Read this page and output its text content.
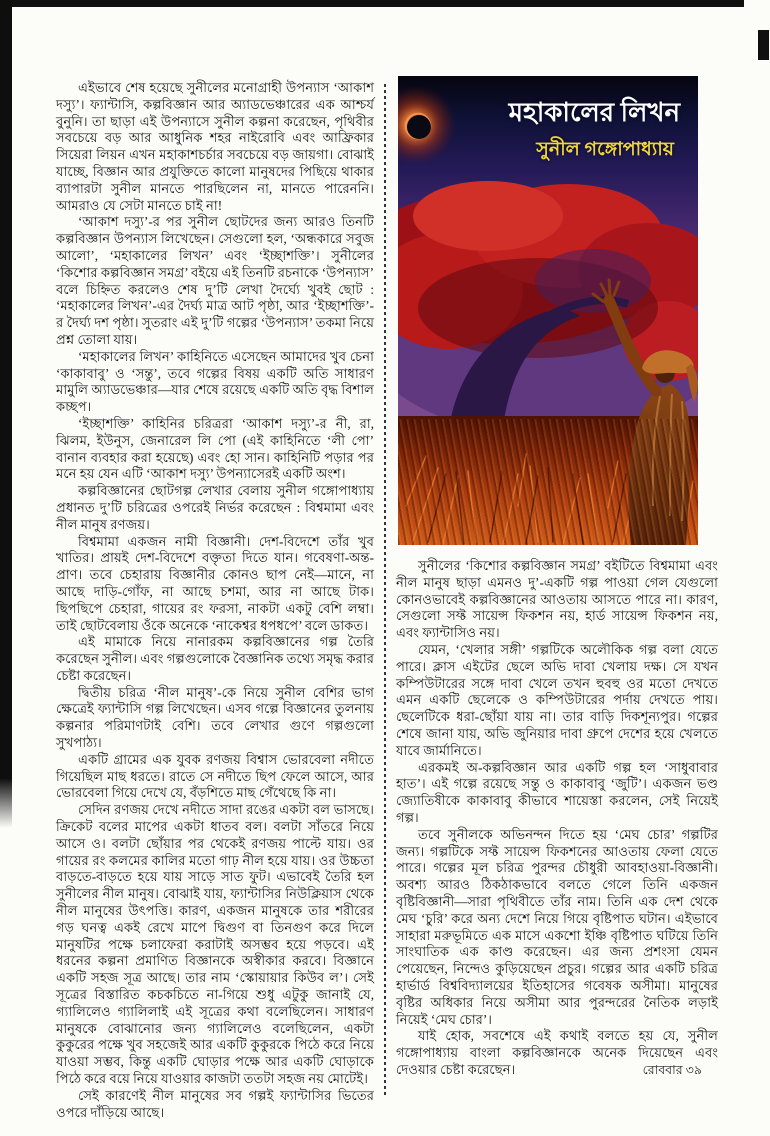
এইভাবে শেষ হয়েছে সুনীলের মনোগ্রাহী উপন্যাস ‘আকাশ দস্যু’। ফ্যান্টাসি, কল্পবিজ্ঞান আর অ্যাডভেঞ্চারের এক আশ্চর্য বুনুনি। তা ছাড়া এই উপন্যাসে সুনীল কল্পনা করেছেন, পৃথিবীর সবচেয়ে বড় আর আধুনিক শহর নাইরোবি এবং আফ্রিকার সিয়েরা লিয়ন এখন মহাকাশচর্চার সবচেয়ে বড় জায়গা। বোঝাই যাচ্ছে, বিজ্ঞান আর প্রযুক্তিতে কালো মানুষদের পিছিয়ে থাকার ব্যাপারটা সুনীল মানতে পারছিলেন না, মানতে পারেননি। আমরাও যে সেটা মানতে চাই না!

‘আকাশ দস্যু’-র পর সুনীল ছোটদের জন্য আরও তিনটি কল্পবিজ্ঞান উপন্যাস লিখেছেন। সেগুলো হল, ‘অন্ধকারে সবুজ আলো’, ‘মহাকালের লিখন’ এবং ‘ইচ্ছাশক্তি’। সুনীলের ‘কিশোর কল্পবিজ্ঞান সমগ্র’ বইয়ে এই তিনটি রচনাকে ‘উপন্যাস’ বলে চিহ্নিত করলেও শেষ দু’টি লেখা দৈর্ঘ্যে খুবই ছোট : ‘মহাকালের লিখন’-এর দৈর্ঘ্য মাত্র আট পৃষ্ঠা, আর ‘ইচ্ছাশক্তি’-র দৈর্ঘ্য দশ পৃষ্ঠা। সুতরাং এই দু’টি গল্পের ‘উপন্যাস’ তকমা নিয়ে প্রশ্ন তোলা যায়।

‘মহাকালের লিখন’ কাহিনিতে এসেছেন আমাদের খুব চেনা ‘কাকাবাবু’ ও ‘সন্তু’, তবে গল্পের বিষয় একটি অতি সাধারণ মামুলি অ্যাডভেঞ্চার—যার শেষে রয়েছে একটি অতি বৃদ্ধ বিশাল কচ্ছপ।

‘ইচ্ছাশক্তি’ কাহিনির চরিত্ররা ‘আকাশ দস্যু’-র নী, রা, ঝিলম, ইউনুস, জেনারেল লি পো (এই কাহিনিতে ‘লী পো’ বানান ব্যবহার করা হয়েছে) এবং হো সান। কাহিনিটি পড়ার পর মনে হয় যেন এটি ‘আকাশ দস্যু’ উপন্যাসেরই একটি অংশ।

কল্পবিজ্ঞানের ছোটগল্প লেখার বেলায় সুনীল গঙ্গোপাধ্যায় প্রধানত দু’টি চরিত্রের ওপরেই নির্ভর করেছেন : বিশ্বমামা এবং নীল মানুষ রণজয়।

বিশ্বমামা একজন নামী বিজ্ঞানী। দেশ-বিদেশে তাঁর খুব খাতির। প্রায়ই দেশ-বিদেশে বক্তৃতা দিতে যান। গবেষণা-অন্ত-প্রাণ। তবে চেহারায় বিজ্ঞানীর কোনও ছাপ নেই—মানে, না আছে দাড়ি-গোঁফ, না আছে চশমা, আর না আছে টাক। ছিপছিপে চেহারা, গায়ের রং ফরসা, নাকটা একটু বেশি লম্বা। তাই ছোটবেলায় ওঁকে অনেকে ‘নাকেশ্বর ধপধপে’ বলে ডাকত।

এই মামাকে নিয়ে নানারকম কল্পবিজ্ঞানের গল্প তৈরি করেছেন সুনীল। এবং গল্পগুলোকে বৈজ্ঞানিক তথ্যে সমৃদ্ধ করার চেষ্টা করেছেন।

দ্বিতীয় চরিত্র ‘নীল মানুষ’-কে নিয়ে সুনীল বেশির ভাগ ক্ষেত্রেই ফ্যান্টাসি গল্প লিখেছেন। এসব গল্পে বিজ্ঞানের তুলনায় কল্পনার পরিমাণটাই বেশি। তবে লেখার গুণে গল্পগুলো সুখপাঠ্য।

একটি গ্রামের এক যুবক রণজয় বিশ্বাস ভোরবেলা নদীতে গিয়েছিল মাছ ধরতে। রাতে সে নদীতে ছিপ ফেলে আসে, আর ভোরবেলা গিয়ে দেখে যে, বঁড়শিতে মাছ গেঁথেছে কি না।

সেদিন রণজয় দেখে নদীতে সাদা রঙের একটা বল ভাসছে। ক্রিকেট বলের মাপের একটা ধাতব বল। বলটা সাঁতরে নিয়ে আসে ও। বলটা ছোঁয়ার পর থেকেই রণজয় পাল্টে যায়। ওর গায়ের রং কলমের কালির মতো গাঢ় নীল হয়ে যায়। ওর উচ্চতা বাড়তে-বাড়তে হয়ে যায় সাড়ে সাত ফুট। এভাবেই তৈরি হল সুনীলের নীল মানুষ। বোঝাই যায়, ফ্যান্টাসির নিউক্লিয়াস থেকে নীল মানুষের উৎপত্তি। কারণ, একজন মানুষকে তার শরীরের গড় ঘনত্ব একই রেখে মাপে দ্বিগুণ বা তিনগুণ করে দিলে মানুষটির পক্ষে চলাফেরা করাটাই অসম্ভব হয়ে পড়বে। এই ধরনের কল্পনা প্রমাণিত বিজ্ঞানকে অস্বীকার করবে। বিজ্ঞানে একটি সহজ সূত্র আছে। তার নাম ‘স্কোয়ায়ার কিউব ল’। সেই সূত্রের বিস্তারিত কচকচিতে না-গিয়ে শুধু এটুকু জানাই যে, গ্যালিলেও গ্যালিলাই এই সূত্রের কথা বলেছিলেন। সাধারণ মানুষকে বোঝানোর জন্য গ্যালিলেও বলেছিলেন, একটা কুকুরের পক্ষে খুব সহজেই আর একটি কুকুরকে পিঠে করে নিয়ে যাওয়া সম্ভব, কিন্তু একটি ঘোড়ার পক্ষে আর একটি ঘোড়াকে পিঠে করে বয়ে নিয়ে যাওয়ার কাজটা ততটা সহজ নয় মোটেই।

সেই কারণেই নীল মানুষের সব গল্পই ফ্যান্টাসির ভিতের ওপরে দাঁড়িয়ে আছে।

মহাকালের লিখন
সুনীল গঙ্গোপাধ্যায়

সুনীলের ‘কিশোর কল্পবিজ্ঞান সমগ্র’ বইটিতে বিশ্বমামা এবং নীল মানুষ ছাড়া এমনও দু’-একটি গল্প পাওয়া গেল যেগুলো কোনওভাবেই কল্পবিজ্ঞানের আওতায় আসতে পারে না। কারণ, সেগুলো সফ্ট সায়েন্স ফিকশন নয়, হার্ড সায়েন্স ফিকশন নয়, এবং ফ্যান্টাসিও নয়।

যেমন, ‘খেলার সঙ্গী’ গল্পটিকে অলৌকিক গল্প বলা যেতে পারে। ক্লাস এইটের ছেলে অভি দাবা খেলায় দক্ষ। সে যখন কম্পিউটারের সঙ্গে দাবা খেলে তখন হুবহু ওর মতো দেখতে এমন একটি ছেলেকে ও কম্পিউটারের পর্দায় দেখতে পায়। ছেলেটিকে ধরা-ছোঁয়া যায় না। তার বাড়ি দিকশূন্যপুর। গল্পের শেষে জানা যায়, অভি জুনিয়ার দাবা গ্রুপে দেশের হয়ে খেলতে যাবে জার্মানিতে।

এরকমই অ-কল্পবিজ্ঞান আর একটি গল্প হল ‘সাধুবাবার হাত’। এই গল্পে রয়েছে সন্তু ও কাকাবাবু ‘জুটি’। একজন ভণ্ড জ্যোতিষীকে কাকাবাবু কীভাবে শায়েস্তা করলেন, সেই নিয়েই গল্প।

তবে সুনীলকে অভিনন্দন দিতে হয় ‘মেঘ চোর’ গল্পটির জন্য। গল্পটিকে সফ্ট সায়েন্স ফিকশনের আওতায় ফেলা যেতে পারে। গল্পের মূল চরিত্র পুরন্দর চৌধুরী আবহাওয়া-বিজ্ঞানী। অবশ্য আরও ঠিকঠাকভাবে বলতে গেলে তিনি একজন বৃষ্টিবিজ্ঞানী—সারা পৃথিবীতে তাঁর নাম। তিনি এক দেশ থেকে মেঘ ‘চুরি’ করে অন্য দেশে নিয়ে গিয়ে বৃষ্টিপাত ঘটান। এইভাবে সাহারা মরুভূমিতে এক মাসে একশো ইঞ্চি বৃষ্টিপাত ঘটিয়ে তিনি সাংঘাতিক এক কাণ্ড করেছেন। এর জন্য প্রশংসা যেমন পেয়েছেন, নিন্দেও কুড়িয়েছেন প্রচুর। গল্পের আর একটি চরিত্র হার্ভার্ড বিশ্ববিদ্যালয়ের ইতিহাসের গবেষক অসীমা। মানুষের বৃষ্টির অধিকার নিয়ে অসীমা আর পুরন্দরের নৈতিক লড়াই নিয়েই ‘মেঘ চোর’।

যাই হোক, সবশেষে এই কথাই বলতে হয় যে, সুনীল গঙ্গোপাধ্যায় বাংলা কল্পবিজ্ঞানকে অনেক দিয়েছেন এবং দেওয়ার চেষ্টা করেছেন।	রোববার ৩৯
